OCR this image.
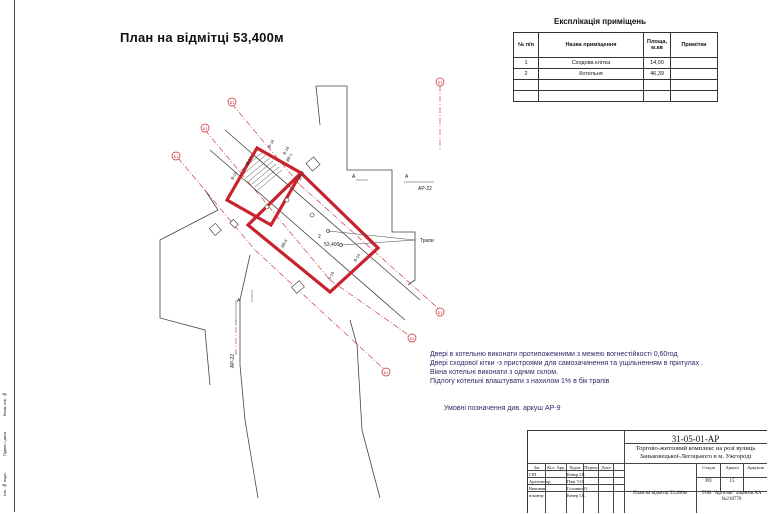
Взам. інв. №
Підпис і дата
Інв. № подл.
План на відмітці 53,400м
Експлікація приміщень
№ п/п	Назва приміщення	Площа, м.кв	Примітки
1	Сходова клітка	14,00	
2	Котельня	46,39	

Б1
Б1
Б1
Б3
Б1
Б1
Б1
53,400
2
Трапи
А	А
АР-22
А
АР-22
В-16
В-14
В-15
Б-16
В-15
В-16
ДВ-1
ДН-7
ДВ-6
Двері в котельню виконати протипожежними з межею вогнестійкості 0,60год
Двері сходової кітки -з пристроями для самозачинення та ущільненням в притулах .
Вікна котельні виконати з одним склом.
Підлогу котельні влаштувати з нахилом 1% в бік трапів
Умовні позначення див. аркуш АР-9
31-05-01-АР
Торгово-житловий комплекс на розі вулиць Заньковецької-Легоцького в м. Ужгороді
Зм.	Кіл. Арк. №док Підпис Дата
ГІП	Кевер І.Е.
Архітектор	Пааі Т.О.
Виконав	Головин О.
н/контр	Кевер І.Е.
Стадія	Аркуш	Аркушів
РП	15
План на відмітці 53,400м	ТОВ "Арголан" ліцензія АА №218770
